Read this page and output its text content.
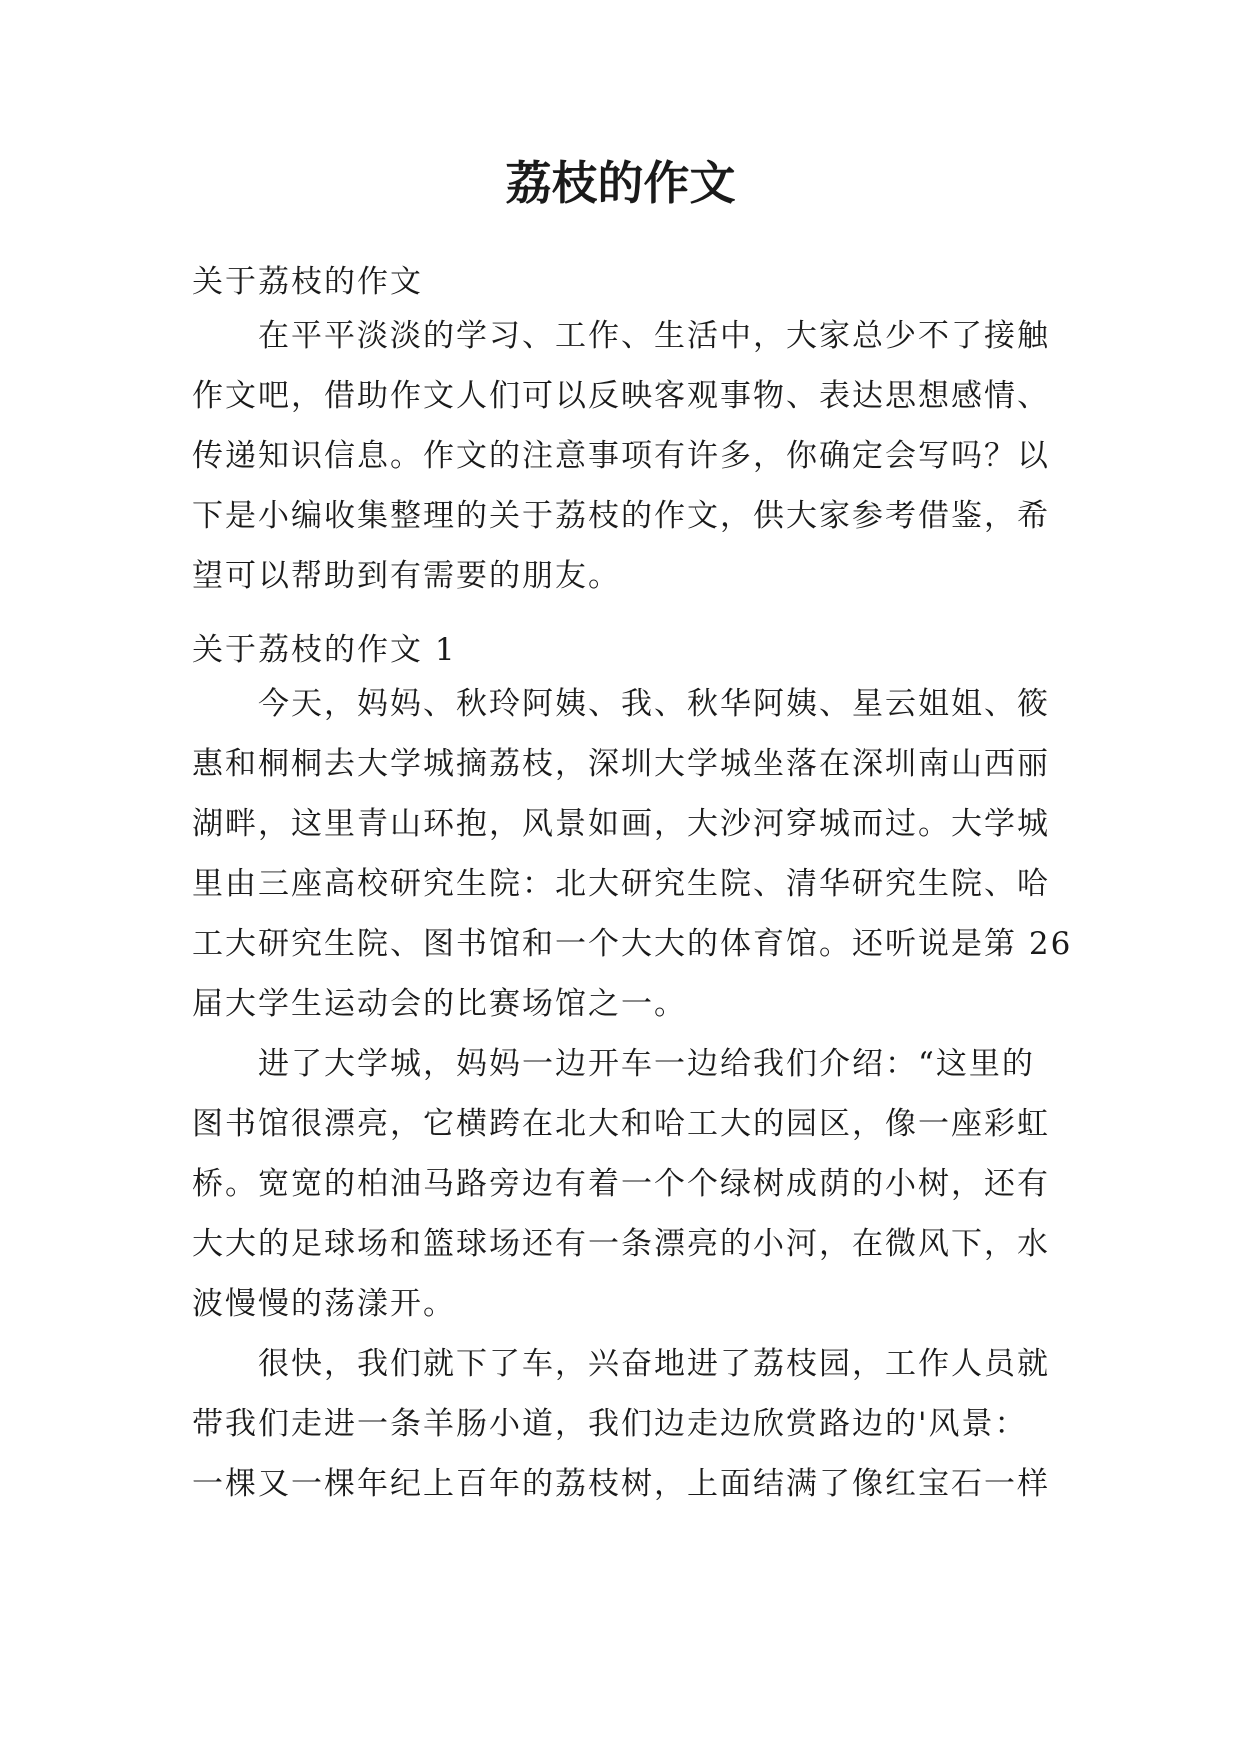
荔枝的作文
关于荔枝的作文
在平平淡淡的学习、工作、生活中，大家总少不了接触
作文吧，借助作文人们可以反映客观事物、表达思想感情、
传递知识信息。作文的注意事项有许多，你确定会写吗？以
下是小编收集整理的关于荔枝的作文，供大家参考借鉴，希
望可以帮助到有需要的朋友。
关于荔枝的作文 1
今天，妈妈、秋玲阿姨、我、秋华阿姨、星云姐姐、筱
惠和桐桐去大学城摘荔枝，深圳大学城坐落在深圳南山西丽
湖畔，这里青山环抱，风景如画，大沙河穿城而过。大学城
里由三座高校研究生院：北大研究生院、清华研究生院、哈
工大研究生院、图书馆和一个大大的体育馆。还听说是第 26
届大学生运动会的比赛场馆之一。
进了大学城，妈妈一边开车一边给我们介绍：“这里的
图书馆很漂亮，它横跨在北大和哈工大的园区，像一座彩虹
桥。宽宽的柏油马路旁边有着一个个绿树成荫的小树，还有
大大的足球场和篮球场还有一条漂亮的小河，在微风下，水
波慢慢的荡漾开。
很快，我们就下了车，兴奋地进了荔枝园，工作人员就
带我们走进一条羊肠小道，我们边走边欣赏路边的'风景：
一棵又一棵年纪上百年的荔枝树，上面结满了像红宝石一样
